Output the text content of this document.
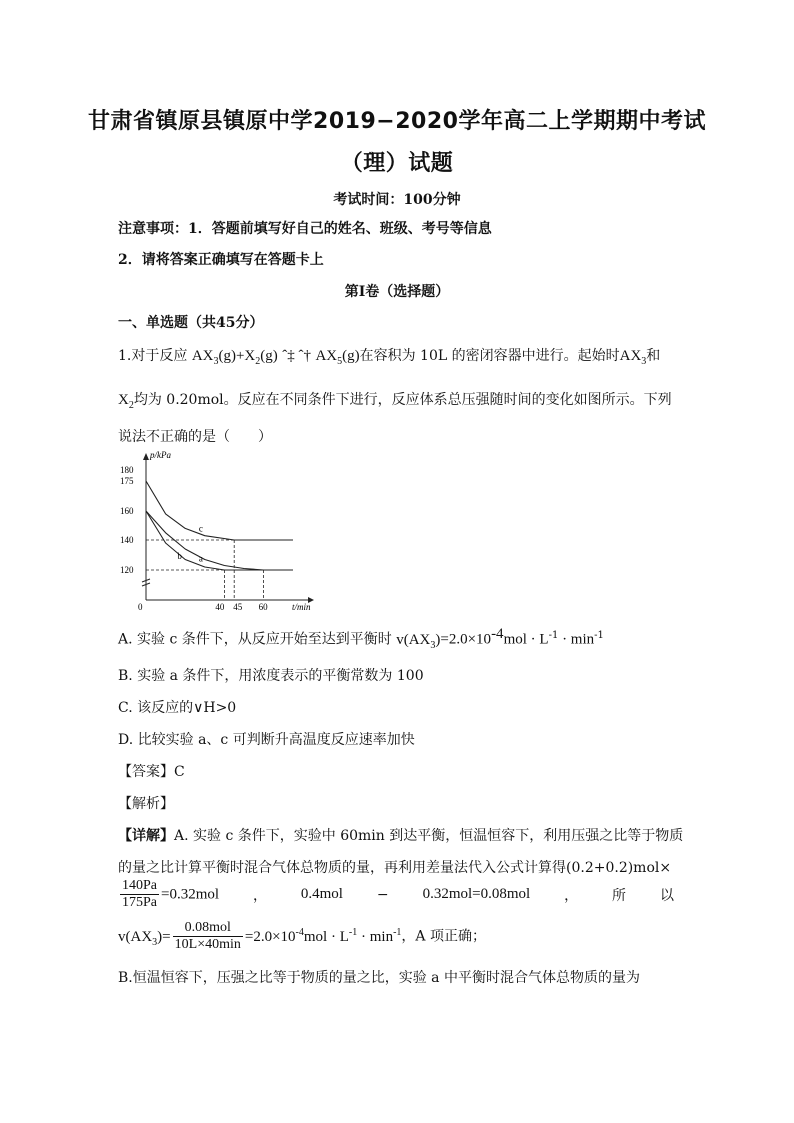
甘肃省镇原县镇原中学2019−2020学年高二上学期期中考试
（理）试题
考试时间：100分钟
注意事项：1．答题前填写好自己的姓名、班级、考号等信息
2．请将答案正确填写在答题卡上
第I卷（选择题）
一、单选题（共45分）
1.对于反应 $AX_3(g)+X_2(g)$ ˆ‡ ˆ† $AX_5(g)$在容积为 10L 的密闭容器中进行。起始时$AX_3$和
$X_2$均为 0.20mol。反应在不同条件下进行，反应体系总压强随时间的变化如图所示。下列
说法不正确的是（　　）
p/kPa
t/min
a
b
c
180
175
160
140
120
0	40 45 60
A. 实验 c 条件下，从反应开始至达到平衡时 $v(AX_3)=2.0\times 10^{-4}mol \cdot L^{-1} \cdot \min^{-1}$
B. 实验 a 条件下，用浓度表示的平衡常数为 100
C. 该反应的∨H>0
D. 比较实验 a、c 可判断升高温度反应速率加快
【答案】C
【解析】
【详解】A. 实验 c 条件下，实验中 60min 到达平衡，恒温恒容下，利用压强之比等于物质
的量之比计算平衡时混合气体总物质的量，再利用差量法代入公式计算得(0.2+0.2)mol×
$\frac{140Pa}{175Pa} =0.32mol$ ， 0.4mol − 0.32mol=0.08mol ， 所 以
$v(AX_3)= \frac{\text{0.08mol}}{10L\times 40\min} =2.0\times 10^{-4}mol \cdot L^{-1} \cdot \min^{-1}$，A 项正确；
B.恒温恒容下，压强之比等于物质的量之比，实验 a 中平衡时混合气体总物质的量为
